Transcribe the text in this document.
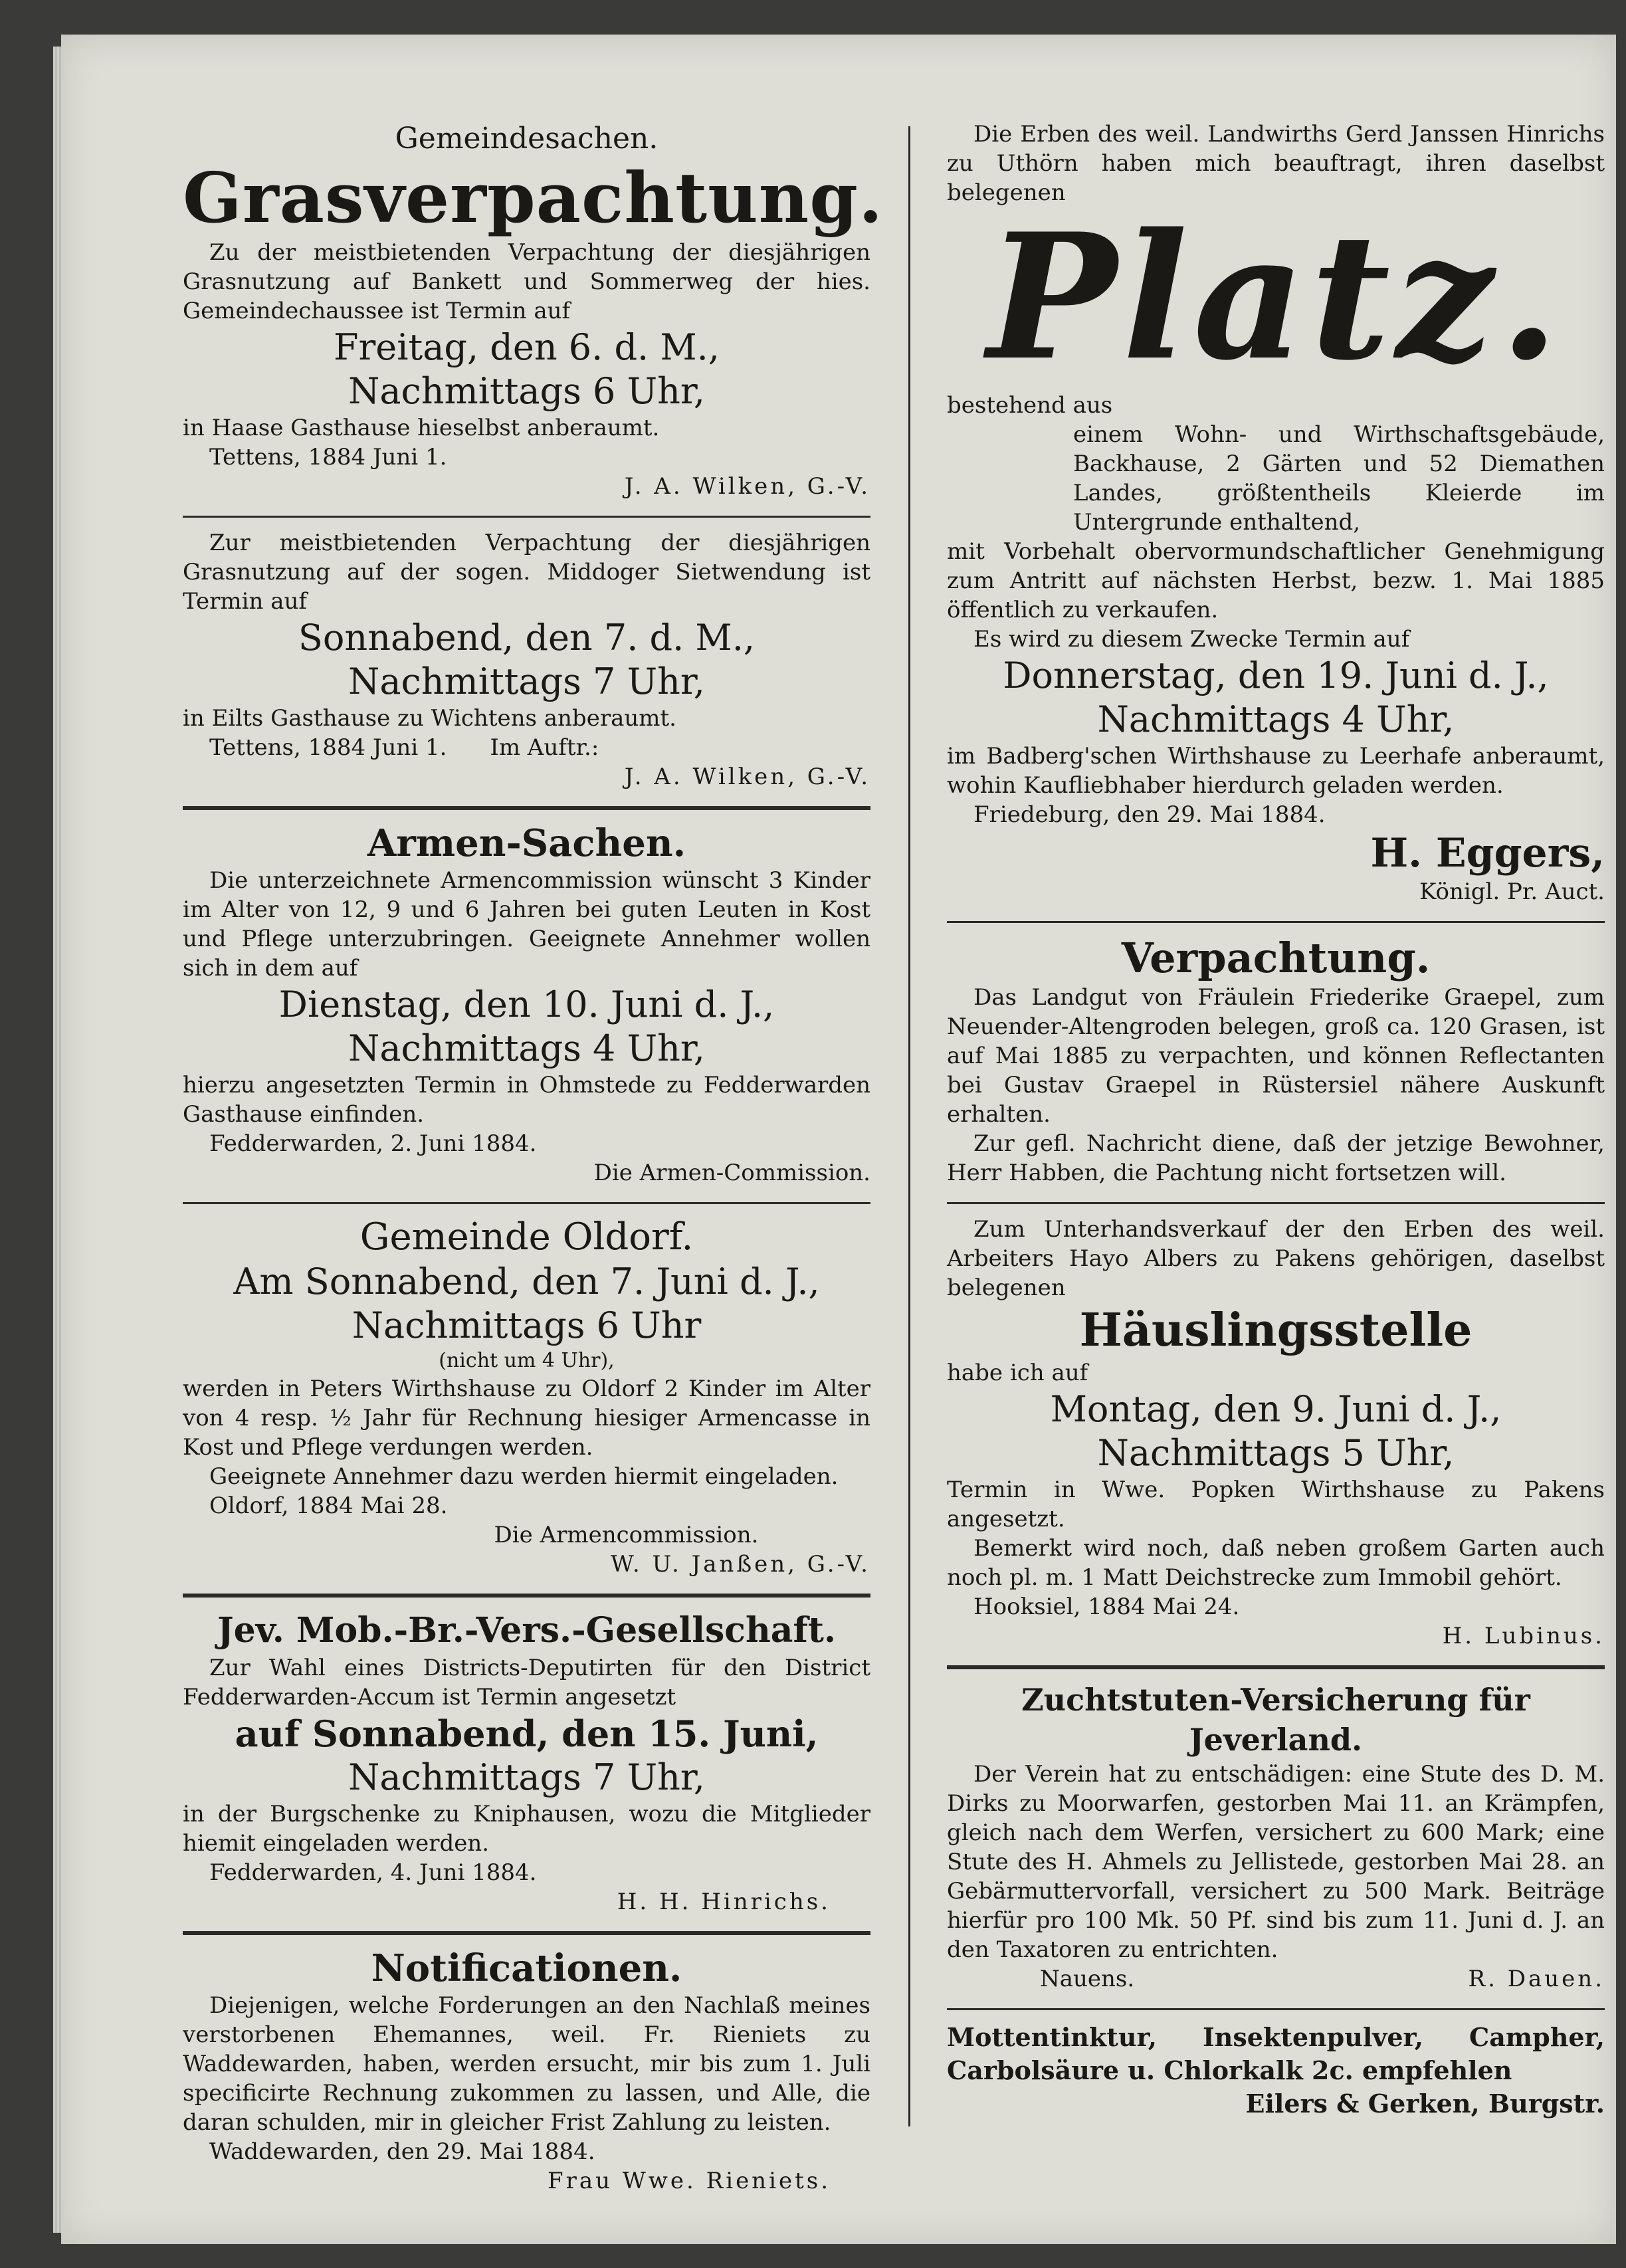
Gemeindesachen.

Grasverpachtung.

Zu der meistbietenden Verpachtung der diesjährigen Grasnutzung auf Bankett und Sommerweg der hies. Gemeindechaussee ist Termin auf

Freitag, den 6. d. M.,

Nachmittags 6 Uhr,

in Haase Gasthause hieselbst anberaumt.

Tettens, 1884 Juni 1.

J. A. Wilken, G.-V.

Zur meistbietenden Verpachtung der diesjährigen Grasnutzung auf der sogen. Middoger Sietwendung ist Termin auf

Sonnabend, den 7. d. M.,

Nachmittags 7 Uhr,

in Eilts Gasthause zu Wichtens anberaumt.

Tettens, 1884 Juni 1. Im Auftr.:

J. A. Wilken, G.-V.

Armen-Sachen.

Die unterzeichnete Armencommission wünscht 3 Kinder im Alter von 12, 9 und 6 Jahren bei guten Leuten in Kost und Pflege unterzubringen. Geeignete Annehmer wollen sich in dem auf

Dienstag, den 10. Juni d. J.,

Nachmittags 4 Uhr,

hierzu angesetzten Termin in Ohmstede zu Fedderwarden Gasthause einfinden.

Fedderwarden, 2. Juni 1884.

Die Armen-Commission.

Gemeinde Oldorf.

Am Sonnabend, den 7. Juni d. J.,

Nachmittags 6 Uhr

(nicht um 4 Uhr),

werden in Peters Wirthshause zu Oldorf 2 Kinder im Alter von 4 resp. ½ Jahr für Rechnung hiesiger Armencasse in Kost und Pflege verdungen werden.

Geeignete Annehmer dazu werden hiermit eingeladen.

Oldorf, 1884 Mai 28.

Die Armencommission.

W. U. Janßen, G.-V.

Jev. Mob.-Br.-Vers.-Gesellschaft.

Zur Wahl eines Districts-Deputirten für den District Fedderwarden-Accum ist Termin angesetzt

auf Sonnabend, den 15. Juni,

Nachmittags 7 Uhr,

in der Burgschenke zu Kniphausen, wozu die Mitglieder hiemit eingeladen werden.

Fedderwarden, 4. Juni 1884.

H. H. Hinrichs.

Notificationen.

Diejenigen, welche Forderungen an den Nachlaß meines verstorbenen Ehemannes, weil. Fr. Rieniets zu Waddewarden, haben, werden ersucht, mir bis zum 1. Juli specificirte Rechnung zukommen zu lassen, und Alle, die daran schulden, mir in gleicher Frist Zahlung zu leisten.

Waddewarden, den 29. Mai 1884.

Frau Wwe. Rieniets.

Die Erben des weil. Landwirths Gerd Janssen Hinrichs zu Uthörn haben mich beauftragt, ihren daselbst belegenen

Platz.

bestehend aus

einem Wohn- und Wirthschaftsgebäude, Backhause, 2 Gärten und 52 Diemathen Landes, größtentheils Kleierde im Untergrunde enthaltend,

mit Vorbehalt obervormundschaftlicher Genehmigung zum Antritt auf nächsten Herbst, bezw. 1. Mai 1885 öffentlich zu verkaufen.

Es wird zu diesem Zwecke Termin auf

Donnerstag, den 19. Juni d. J.,

Nachmittags 4 Uhr,

im Badberg'schen Wirthshause zu Leerhafe anberaumt, wohin Kaufliebhaber hierdurch geladen werden.

Friedeburg, den 29. Mai 1884.

H. Eggers,

Königl. Pr. Auct.

Verpachtung.

Das Landgut von Fräulein Friederike Graepel, zum Neuender-Altengroden belegen, groß ca. 120 Grasen, ist auf Mai 1885 zu verpachten, und können Reflectanten bei Gustav Graepel in Rüstersiel nähere Auskunft erhalten.

Zur gefl. Nachricht diene, daß der jetzige Bewohner, Herr Habben, die Pachtung nicht fortsetzen will.

Zum Unterhandsverkauf der den Erben des weil. Arbeiters Hayo Albers zu Pakens gehörigen, daselbst belegenen

Häuslingsstelle

habe ich auf

Montag, den 9. Juni d. J.,

Nachmittags 5 Uhr,

Termin in Wwe. Popken Wirthshause zu Pakens angesetzt.

Bemerkt wird noch, daß neben großem Garten auch noch pl. m. 1 Matt Deichstrecke zum Immobil gehört.

Hooksiel, 1884 Mai 24.

H. Lubinus.

Zuchtstuten-Versicherung für Jeverland.

Der Verein hat zu entschädigen: eine Stute des D. M. Dirks zu Moorwarfen, gestorben Mai 11. an Krämpfen, gleich nach dem Werfen, versichert zu 600 Mark; eine Stute des H. Ahmels zu Jellistede, gestorben Mai 28. an Gebärmuttervorfall, versichert zu 500 Mark. Beiträge hierfür pro 100 Mk. 50 Pf. sind bis zum 11. Juni d. J. an den Taxatoren zu entrichten.

Nauens.	R. Dauen.

Mottentinktur, Insektenpulver, Campher, Carbolsäure u. Chlorkalk 2c. empfehlen

Eilers & Gerken, Burgstr.
